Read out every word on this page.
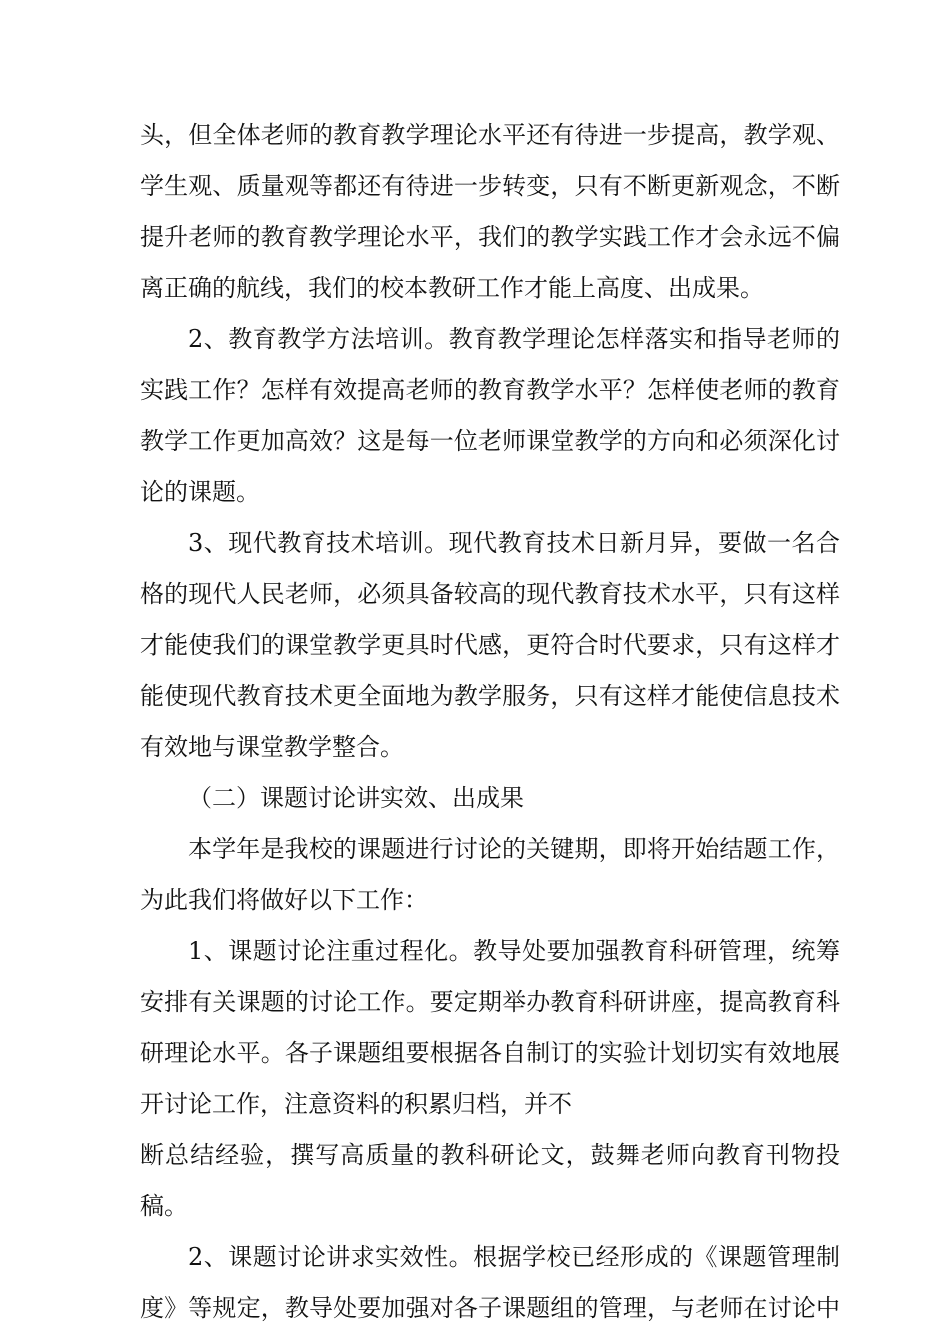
头，但全体老师的教育教学理论水平还有待进一步提高，教学观、
学生观、质量观等都还有待进一步转变，只有不断更新观念，不断
提升老师的教育教学理论水平，我们的教学实践工作才会永远不偏
离正确的航线，我们的校本教研工作才能上高度、出成果。
2、教育教学方法培训。教育教学理论怎样落实和指导老师的
实践工作？怎样有效提高老师的教育教学水平？怎样使老师的教育
教学工作更加高效？这是每一位老师课堂教学的方向和必须深化讨
论的课题。
3、现代教育技术培训。现代教育技术日新月异，要做一名合
格的现代人民老师，必须具备较高的现代教育技术水平，只有这样
才能使我们的课堂教学更具时代感，更符合时代要求，只有这样才
能使现代教育技术更全面地为教学服务，只有这样才能使信息技术
有效地与课堂教学整合。
（二）课题讨论讲实效、出成果
本学年是我校的课题进行讨论的关键期，即将开始结题工作，
为此我们将做好以下工作：
1、课题讨论注重过程化。教导处要加强教育科研管理，统筹
安排有关课题的讨论工作。要定期举办教育科研讲座，提高教育科
研理论水平。各子课题组要根据各自制订的实验计划切实有效地展
开讨论工作，注意资料的积累归档，并不
断总结经验，撰写高质量的教科研论文，鼓舞老师向教育刊物投
稿。
2、课题讨论讲求实效性。根据学校已经形成的《课题管理制
度》等规定，教导处要加强对各子课题组的管理，与老师在讨论中
